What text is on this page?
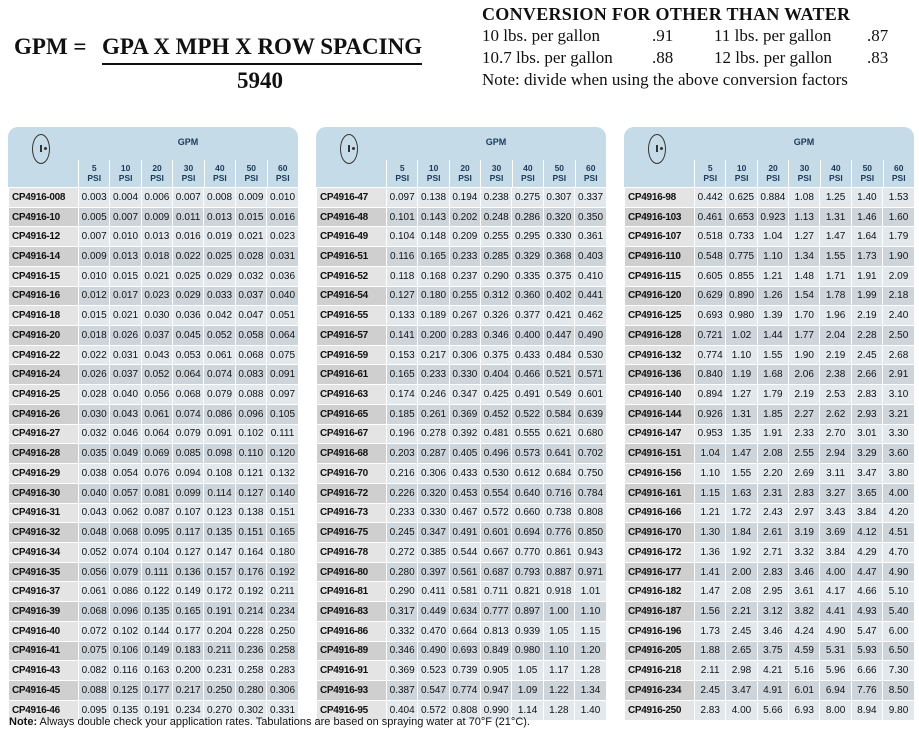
GPM = GPA X MPH X ROW SPACING
5940
CONVERSION FOR OTHER THAN WATER
10 lbs. per gallon	.91 11 lbs. per gallon .87
10.7 lbs. per gallon .88 12 lbs. per gallon .83
Note: divide when using the above conversion factors
GPM
5
PSI
10
PSI
20
PSI
30
PSI
40
PSI
50
PSI
60
PSI
CP4916-008	0.003	0.004	0.006	0.007	0.008	0.009	0.010
CP4916-10	0.005	0.007	0.009	0.011	0.013	0.015	0.016
CP4916-12	0.007	0.010	0.013	0.016	0.019	0.021	0.023
CP4916-14	0.009	0.013	0.018	0.022	0.025	0.028	0.031
CP4916-15	0.010	0.015	0.021	0.025	0.029	0.032	0.036
CP4916-16	0.012	0.017	0.023	0.029	0.033	0.037	0.040
CP4916-18	0.015	0.021	0.030	0.036	0.042	0.047	0.051
CP4916-20	0.018	0.026	0.037	0.045	0.052	0.058	0.064
CP4916-22	0.022	0.031	0.043	0.053	0.061	0.068	0.075
CP4916-24	0.026	0.037	0.052	0.064	0.074	0.083	0.091
CP4916-25	0.028	0.040	0.056	0.068	0.079	0.088	0.097
CP4916-26	0.030	0.043	0.061	0.074	0.086	0.096	0.105
CP4916-27	0.032	0.046	0.064	0.079	0.091	0.102	0.111
CP4916-28	0.035	0.049	0.069	0.085	0.098	0.110	0.120
CP4916-29	0.038	0.054	0.076	0.094	0.108	0.121	0.132
CP4916-30	0.040	0.057	0.081	0.099	0.114	0.127	0.140
CP4916-31	0.043	0.062	0.087	0.107	0.123	0.138	0.151
CP4916-32	0.048	0.068	0.095	0.117	0.135	0.151	0.165
CP4916-34	0.052	0.074	0.104	0.127	0.147	0.164	0.180
CP4916-35	0.056	0.079	0.111	0.136	0.157	0.176	0.192
CP4916-37	0.061	0.086	0.122	0.149	0.172	0.192	0.211
CP4916-39	0.068	0.096	0.135	0.165	0.191	0.214	0.234
CP4916-40	0.072	0.102	0.144	0.177	0.204	0.228	0.250
CP4916-41	0.075	0.106	0.149	0.183	0.211	0.236	0.258
CP4916-43	0.082	0.116	0.163	0.200	0.231	0.258	0.283
CP4916-45	0.088	0.125	0.177	0.217	0.250	0.280	0.306
CP4916-46	0.095	0.135	0.191	0.234	0.270	0.302	0.331
GPM
5
PSI
10
PSI
20
PSI
30
PSI
40
PSI
50
PSI
60
PSI
CP4916-47	0.097	0.138	0.194	0.238	0.275	0.307	0.337
CP4916-48	0.101	0.143	0.202	0.248	0.286	0.320	0.350
CP4916-49	0.104	0.148	0.209	0.255	0.295	0.330	0.361
CP4916-51	0.116	0.165	0.233	0.285	0.329	0.368	0.403
CP4916-52	0.118	0.168	0.237	0.290	0.335	0.375	0.410
CP4916-54	0.127	0.180	0.255	0.312	0.360	0.402	0.441
CP4916-55	0.133	0.189	0.267	0.326	0.377	0.421	0.462
CP4916-57	0.141	0.200	0.283	0.346	0.400	0.447	0.490
CP4916-59	0.153	0.217	0.306	0.375	0.433	0.484	0.530
CP4916-61	0.165	0.233	0.330	0.404	0.466	0.521	0.571
CP4916-63	0.174	0.246	0.347	0.425	0.491	0.549	0.601
CP4916-65	0.185	0.261	0.369	0.452	0.522	0.584	0.639
CP4916-67	0.196	0.278	0.392	0.481	0.555	0.621	0.680
CP4916-68	0.203	0.287	0.405	0.496	0.573	0.641	0.702
CP4916-70	0.216	0.306	0.433	0.530	0.612	0.684	0.750
CP4916-72	0.226	0.320	0.453	0.554	0.640	0.716	0.784
CP4916-73	0.233	0.330	0.467	0.572	0.660	0.738	0.808
CP4916-75	0.245	0.347	0.491	0.601	0.694	0.776	0.850
CP4916-78	0.272	0.385	0.544	0.667	0.770	0.861	0.943
CP4916-80	0.280	0.397	0.561	0.687	0.793	0.887	0.971
CP4916-81	0.290	0.411	0.581	0.711	0.821	0.918	1.01
CP4916-83	0.317	0.449	0.634	0.777	0.897	1.00	1.10
CP4916-86	0.332	0.470	0.664	0.813	0.939	1.05	1.15
CP4916-89	0.346	0.490	0.693	0.849	0.980	1.10	1.20
CP4916-91	0.369	0.523	0.739	0.905	1.05	1.17	1.28
CP4916-93	0.387	0.547	0.774	0.947	1.09	1.22	1.34
CP4916-95	0.404	0.572	0.808	0.990	1.14	1.28	1.40
GPM
5
PSI
10
PSI
20
PSI
30
PSI
40
PSI
50
PSI
60
PSI
CP4916-98	0.442	0.625	0.884	1.08	1.25	1.40	1.53
CP4916-103	0.461	0.653	0.923	1.13	1.31	1.46	1.60
CP4916-107	0.518	0.733	1.04	1.27	1.47	1.64	1.79
CP4916-110	0.548	0.775	1.10	1.34	1.55	1.73	1.90
CP4916-115	0.605	0.855	1.21	1.48	1.71	1.91	2.09
CP4916-120	0.629	0.890	1.26	1.54	1.78	1.99	2.18
CP4916-125	0.693	0.980	1.39	1.70	1.96	2.19	2.40
CP4916-128	0.721	1.02	1.44	1.77	2.04	2.28	2.50
CP4916-132	0.774	1.10	1.55	1.90	2.19	2.45	2.68
CP4916-136	0.840	1.19	1.68	2.06	2.38	2.66	2.91
CP4916-140	0.894	1.27	1.79	2.19	2.53	2.83	3.10
CP4916-144	0.926	1.31	1.85	2.27	2.62	2.93	3.21
CP4916-147	0.953	1.35	1.91	2.33	2.70	3.01	3.30
CP4916-151	1.04	1.47	2.08	2.55	2.94	3.29	3.60
CP4916-156	1.10	1.55	2.20	2.69	3.11	3.47	3.80
CP4916-161	1.15	1.63	2.31	2.83	3.27	3.65	4.00
CP4916-166	1.21	1.72	2.43	2.97	3.43	3.84	4.20
CP4916-170	1.30	1.84	2.61	3.19	3.69	4.12	4.51
CP4916-172	1.36	1.92	2.71	3.32	3.84	4.29	4.70
CP4916-177	1.41	2.00	2.83	3.46	4.00	4.47	4.90
CP4916-182	1.47	2.08	2.95	3.61	4.17	4.66	5.10
CP4916-187	1.56	2.21	3.12	3.82	4.41	4.93	5.40
CP4916-196	1.73	2.45	3.46	4.24	4.90	5.47	6.00
CP4916-205	1.88	2.65	3.75	4.59	5.31	5.93	6.50
CP4916-218	2.11	2.98	4.21	5.16	5.96	6.66	7.30
CP4916-234	2.45	3.47	4.91	6.01	6.94	7.76	8.50
CP4916-250	2.83	4.00	5.66	6.93	8.00	8.94	9.80
Note: Always double check your application rates. Tabulations are based on spraying water at 70°F (21°C).
